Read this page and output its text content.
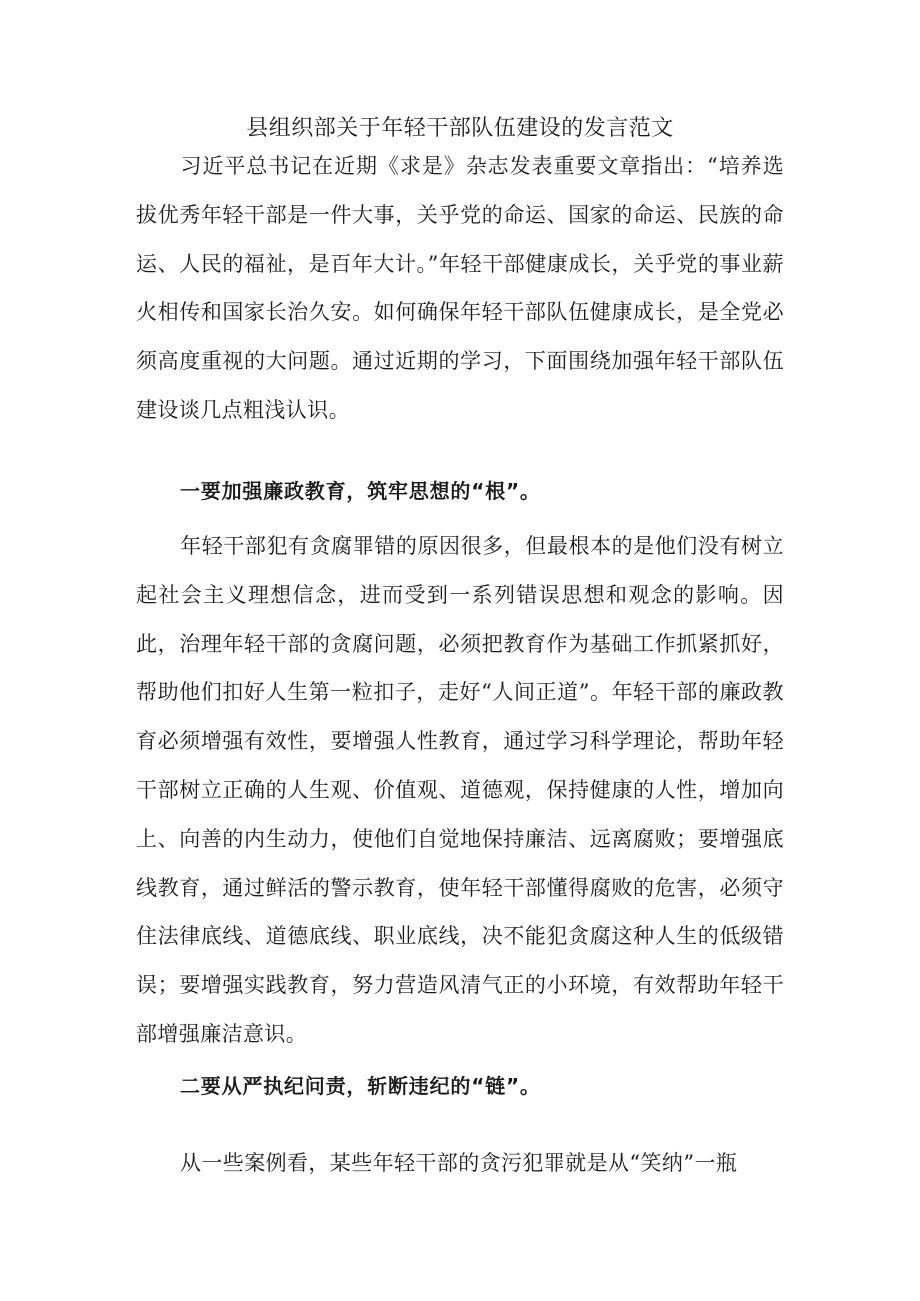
县组织部关于年轻干部队伍建设的发言范文

习近平总书记在近期《求是》杂志发表重要文章指出：“培养选拔优秀年轻干部是一件大事，关乎党的命运、国家的命运、民族的命运、人民的福祉，是百年大计。”年轻干部健康成长，关乎党的事业薪火相传和国家长治久安。如何确保年轻干部队伍健康成长，是全党必须高度重视的大问题。通过近期的学习，下面围绕加强年轻干部队伍建设谈几点粗浅认识。

一要加强廉政教育，筑牢思想的“根”。

年轻干部犯有贪腐罪错的原因很多，但最根本的是他们没有树立起社会主义理想信念，进而受到一系列错误思想和观念的影响。因此，治理年轻干部的贪腐问题，必须把教育作为基础工作抓紧抓好，帮助他们扣好人生第一粒扣子，走好“人间正道”。年轻干部的廉政教育必须增强有效性，要增强人性教育，通过学习科学理论，帮助年轻干部树立正确的人生观、价值观、道德观，保持健康的人性，增加向上、向善的内生动力，使他们自觉地保持廉洁、远离腐败；要增强底线教育，通过鲜活的警示教育，使年轻干部懂得腐败的危害，必须守住法律底线、道德底线、职业底线，决不能犯贪腐这种人生的低级错误；要增强实践教育，努力营造风清气正的小环境，有效帮助年轻干部增强廉洁意识。

二要从严执纪问责，斩断违纪的“链”。

从一些案例看，某些年轻干部的贪污犯罪就是从“笑纳”一瓶
